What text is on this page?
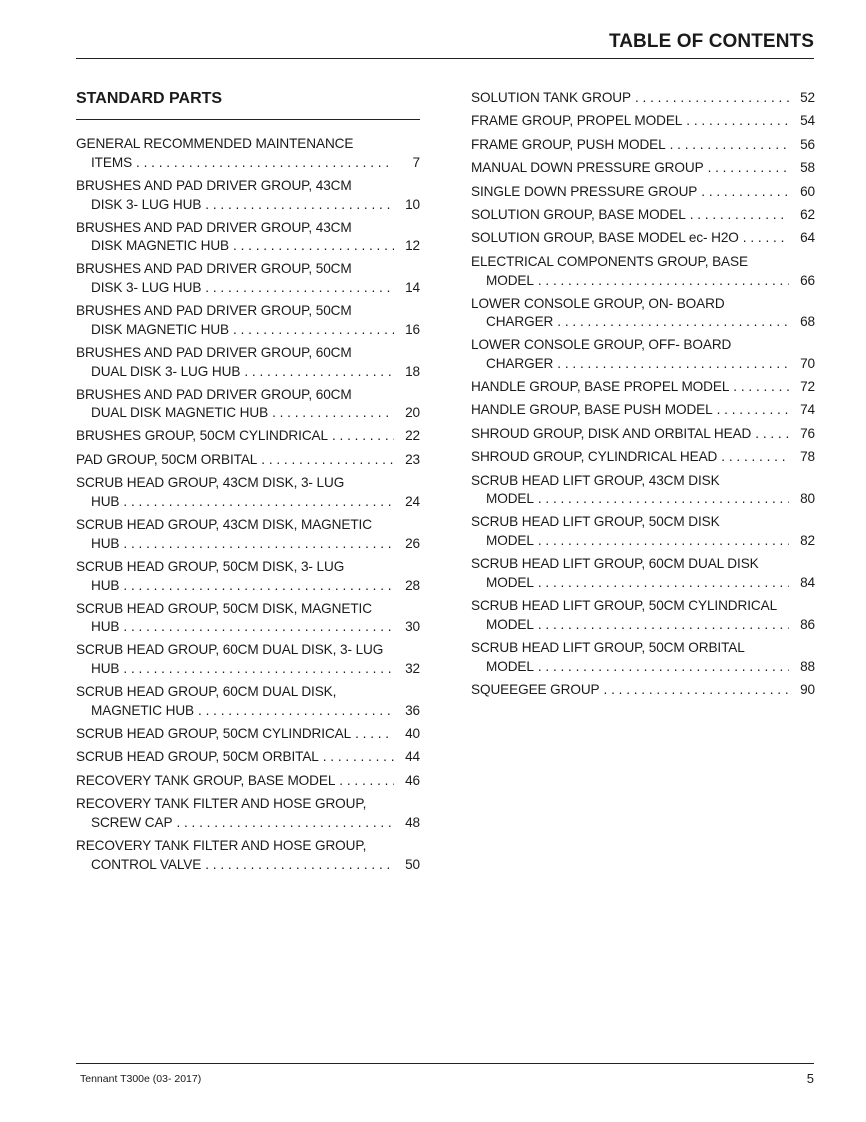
TABLE OF CONTENTS
STANDARD PARTS
GENERAL RECOMMENDED MAINTENANCE
ITEMS . . .	7
BRUSHES AND PAD DRIVER GROUP, 43CM
DISK 3- LUG HUB . . .	10
BRUSHES AND PAD DRIVER GROUP, 43CM
DISK MAGNETIC HUB . . .	12
BRUSHES AND PAD DRIVER GROUP, 50CM
DISK 3- LUG HUB . . .	14
BRUSHES AND PAD DRIVER GROUP, 50CM
DISK MAGNETIC HUB . . .	16
BRUSHES AND PAD DRIVER GROUP, 60CM
DUAL DISK 3- LUG HUB . . .	18
BRUSHES AND PAD DRIVER GROUP, 60CM
DUAL DISK MAGNETIC HUB . . .	20
BRUSHES GROUP, 50CM CYLINDRICAL . . .	22
PAD GROUP, 50CM ORBITAL . . .	23
SCRUB HEAD GROUP, 43CM DISK, 3- LUG
HUB . . .	24
SCRUB HEAD GROUP, 43CM DISK, MAGNETIC
HUB . . .	26
SCRUB HEAD GROUP, 50CM DISK, 3- LUG
HUB . . .	28
SCRUB HEAD GROUP, 50CM DISK, MAGNETIC
HUB . . .	30
SCRUB HEAD GROUP, 60CM DUAL DISK, 3- LUG
HUB . . .	32
SCRUB HEAD GROUP, 60CM DUAL DISK,
MAGNETIC HUB . . .	36
SCRUB HEAD GROUP, 50CM CYLINDRICAL . . .	40
SCRUB HEAD GROUP, 50CM ORBITAL . . .	44
RECOVERY TANK GROUP, BASE MODEL . . .	46
RECOVERY TANK FILTER AND HOSE GROUP,
SCREW CAP . . .	48
RECOVERY TANK FILTER AND HOSE GROUP,
CONTROL VALVE . . .	50
SOLUTION TANK GROUP . . .	52
FRAME GROUP, PROPEL MODEL . . .	54
FRAME GROUP, PUSH MODEL . . .	56
MANUAL DOWN PRESSURE GROUP . . .	58
SINGLE DOWN PRESSURE GROUP . . .	60
SOLUTION GROUP, BASE MODEL . . .	62
SOLUTION GROUP, BASE MODEL ec- H2O . . .	64
ELECTRICAL COMPONENTS GROUP, BASE
MODEL . . .	66
LOWER CONSOLE GROUP, ON- BOARD
CHARGER . . .	68
LOWER CONSOLE GROUP, OFF- BOARD
CHARGER . . .	70
HANDLE GROUP, BASE PROPEL MODEL . . .	72
HANDLE GROUP, BASE PUSH MODEL . . .	74
SHROUD GROUP, DISK AND ORBITAL HEAD . . .	76
SHROUD GROUP, CYLINDRICAL HEAD . . .	78
SCRUB HEAD LIFT GROUP, 43CM DISK
MODEL . . .	80
SCRUB HEAD LIFT GROUP, 50CM DISK
MODEL . . .	82
SCRUB HEAD LIFT GROUP, 60CM DUAL DISK
MODEL . . .	84
SCRUB HEAD LIFT GROUP, 50CM CYLINDRICAL
MODEL . . .	86
SCRUB HEAD LIFT GROUP, 50CM ORBITAL
MODEL . . .	88
SQUEEGEE GROUP . . .	90
Tennant T300e (03- 2017)	5
